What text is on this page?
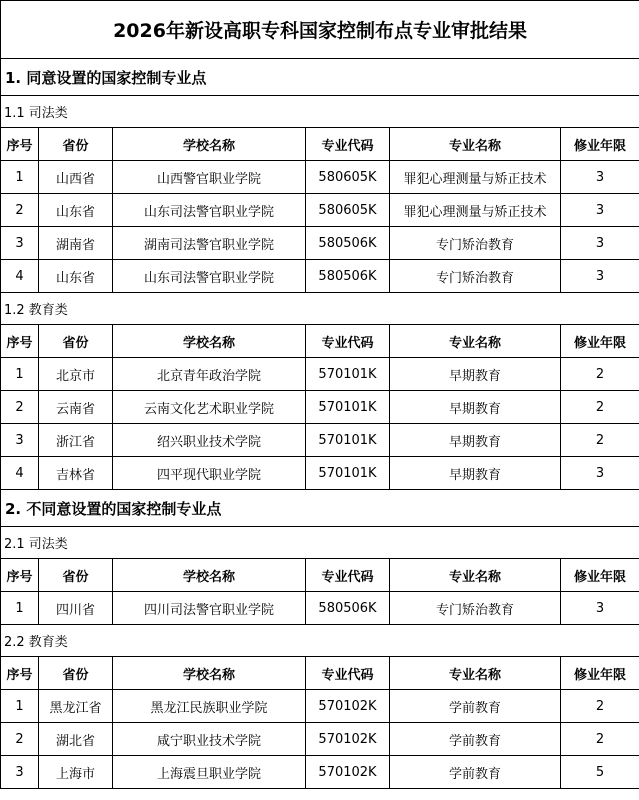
2026年新设高职专科国家控制布点专业审批结果					
1. 同意设置的国家控制专业点					
1.1 司法类					
序号	省份	学校名称	专业代码	专业名称	修业年限
1	山西省	山西警官职业学院	580605K	罪犯心理测量与矫正技术	3
2	山东省	山东司法警官职业学院	580605K	罪犯心理测量与矫正技术	3
3	湖南省	湖南司法警官职业学院	580506K	专门矫治教育	3
4	山东省	山东司法警官职业学院	580506K	专门矫治教育	3
1.2 教育类					
序号	省份	学校名称	专业代码	专业名称	修业年限
1	北京市	北京青年政治学院	570101K	早期教育	2
2	云南省	云南文化艺术职业学院	570101K	早期教育	2
3	浙江省	绍兴职业技术学院	570101K	早期教育	2
4	吉林省	四平现代职业学院	570101K	早期教育	3
2. 不同意设置的国家控制专业点					
2.1 司法类					
序号	省份	学校名称	专业代码	专业名称	修业年限
1	四川省	四川司法警官职业学院	580506K	专门矫治教育	3
2.2 教育类					
序号	省份	学校名称	专业代码	专业名称	修业年限
1	黑龙江省	黑龙江民族职业学院	570102K	学前教育	2
2	湖北省	咸宁职业技术学院	570102K	学前教育	2
3	上海市	上海震旦职业学院	570102K	学前教育	5
